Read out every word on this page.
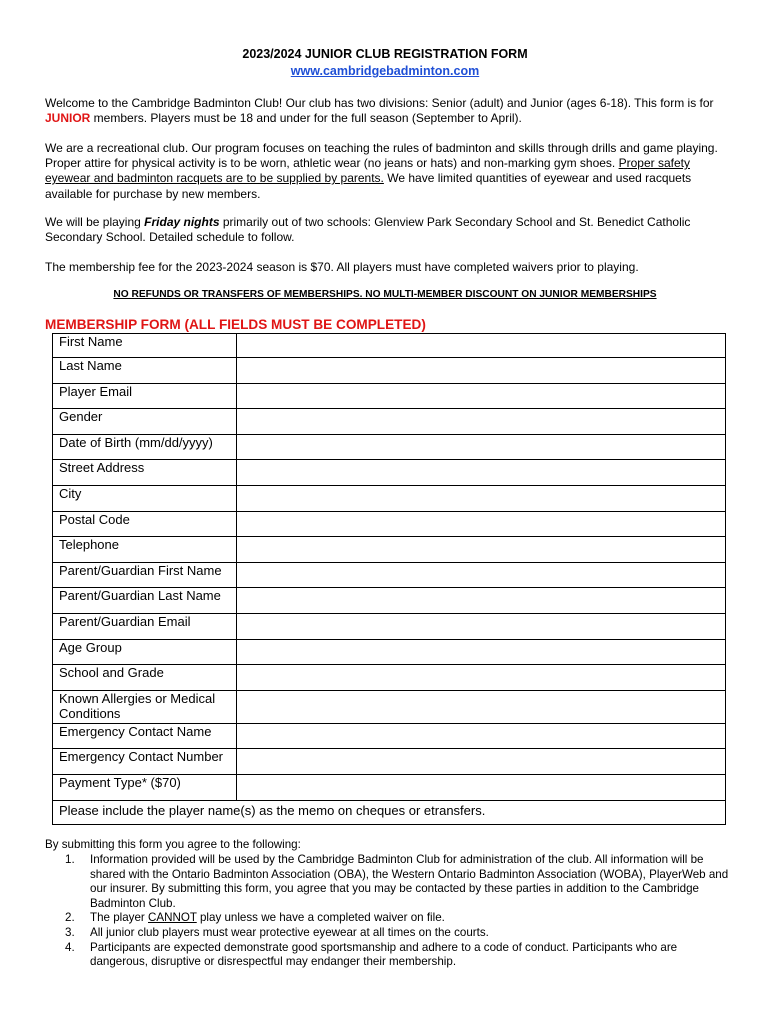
2023/2024 JUNIOR CLUB REGISTRATION FORM
www.cambridgebadminton.com
Welcome to the Cambridge Badminton Club! Our club has two divisions: Senior (adult) and Junior (ages 6-18). This form is for JUNIOR members. Players must be 18 and under for the full season (September to April).
We are a recreational club. Our program focuses on teaching the rules of badminton and skills through drills and game playing. Proper attire for physical activity is to be worn, athletic wear (no jeans or hats) and non-marking gym shoes. Proper safety eyewear and badminton racquets are to be supplied by parents. We have limited quantities of eyewear and used racquets available for purchase by new members.
We will be playing Friday nights primarily out of two schools: Glenview Park Secondary School and St. Benedict Catholic Secondary School. Detailed schedule to follow.
The membership fee for the 2023-2024 season is $70. All players must have completed waivers prior to playing.
NO REFUNDS OR TRANSFERS OF MEMBERSHIPS. NO MULTI-MEMBER DISCOUNT ON JUNIOR MEMBERSHIPS
MEMBERSHIP FORM (ALL FIELDS MUST BE COMPLETED)
First Name	
Last Name	
Player Email	
Gender	
Date of Birth (mm/dd/yyyy)	
Street Address	
City	
Postal Code	
Telephone	
Parent/Guardian First Name	
Parent/Guardian Last Name	
Parent/Guardian Email	
Age Group	
School and Grade	
Known Allergies or Medical Conditions	
Emergency Contact Name	
Emergency Contact Number	
Payment Type* ($70)	
Please include the player name(s) as the memo on cheques or etransfers.	
By submitting this form you agree to the following:
1. Information provided will be used by the Cambridge Badminton Club for administration of the club. All information will be shared with the Ontario Badminton Association (OBA), the Western Ontario Badminton Association (WOBA), PlayerWeb and our insurer. By submitting this form, you agree that you may be contacted by these parties in addition to the Cambridge Badminton Club.
2. The player CANNOT play unless we have a completed waiver on file.
3. All junior club players must wear protective eyewear at all times on the courts.
4. Participants are expected demonstrate good sportsmanship and adhere to a code of conduct. Participants who are dangerous, disruptive or disrespectful may endanger their membership.
